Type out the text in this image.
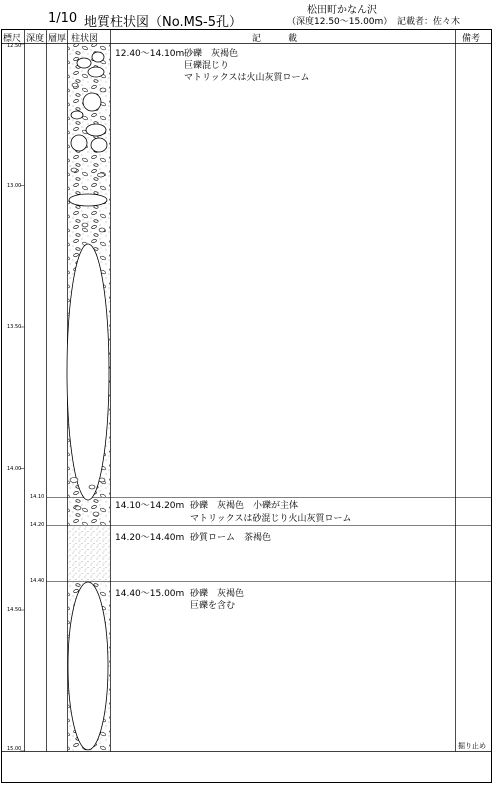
1/10 地質柱状図（No.MS-5孔）
松田町かなん沢
（深度12.50～15.00m） 記載者：佐々木
標尺 深度 層厚 柱状図	記　　　載	備考
12.50
13.00
13.50
14.00
14.50
15.00
14.10
14.20
14.40
12.40～14.10m 砂礫　灰褐色
巨礫混じり
マトリックスは火山灰質ローム
14.10～14.20m 砂礫　灰褐色　小礫が主体
マトリックスは砂混じり火山灰質ローム
14.20～14.40m 砂質ローム　茶褐色
14.40～15.00m 砂礫　灰褐色
巨礫を含む
掘り止め
